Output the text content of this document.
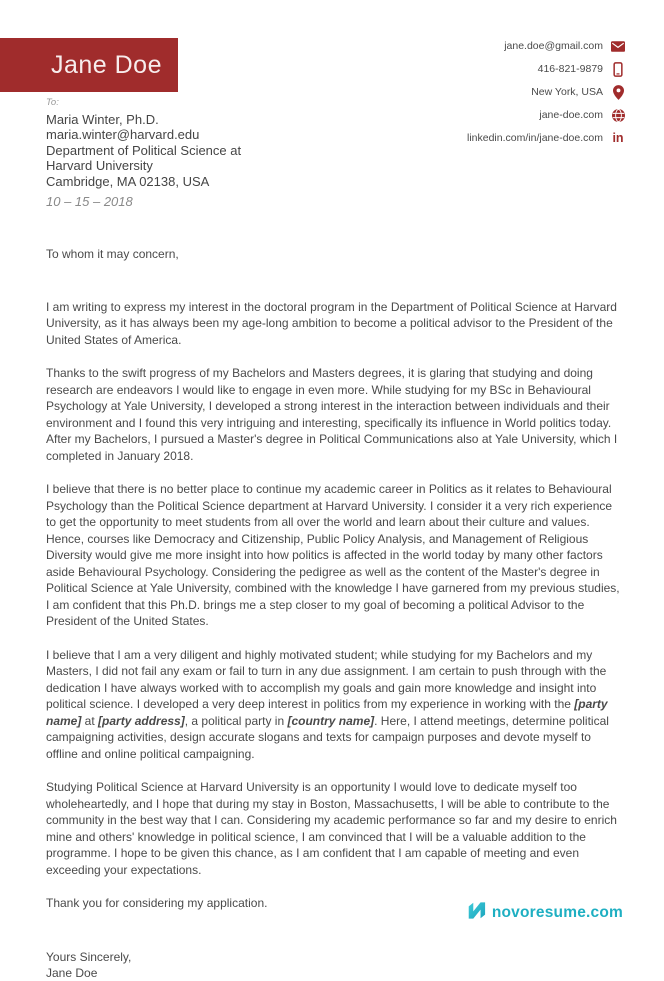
Jane Doe
jane.doe@gmail.com
416-821-9879
New York, USA
jane-doe.com
linkedin.com/in/jane-doe.com in
To:
Maria Winter, Ph.D.
maria.winter@harvard.edu
Department of Political Science at
Harvard University
Cambridge, MA 02138, USA
10 – 15 – 2018

To whom it may concern,

I am writing to express my interest in the doctoral program in the Department of Political Science at Harvard University, as it has always been my age-long ambition to become a political advisor to the President of the United States of America.

Thanks to the swift progress of my Bachelors and Masters degrees, it is glaring that studying and doing research are endeavors I would like to engage in even more. While studying for my BSc in Behavioural Psychology at Yale University, I developed a strong interest in the interaction between individuals and their environment and I found this very intriguing and interesting, specifically its influence in World politics today. After my Bachelors, I pursued a Master's degree in Political Communications also at Yale University, which I completed in January 2018.

I believe that there is no better place to continue my academic career in Politics as it relates to Behavioural Psychology than the Political Science department at Harvard University. I consider it a very rich experience to get the opportunity to meet students from all over the world and learn about their culture and values. Hence, courses like Democracy and Citizenship, Public Policy Analysis, and Management of Religious Diversity would give me more insight into how politics is affected in the world today by many other factors aside Behavioural Psychology. Considering the pedigree as well as the content of the Master's degree in Political Science at Yale University, combined with the knowledge I have garnered from my previous studies, I am confident that this Ph.D. brings me a step closer to my goal of becoming a political Advisor to the President of the United States.

I believe that I am a very diligent and highly motivated student; while studying for my Bachelors and my Masters, I did not fail any exam or fail to turn in any due assignment. I am certain to push through with the dedication I have always worked with to accomplish my goals and gain more knowledge and insight into political science. I developed a very deep interest in politics from my experience in working with the [party name] at [party address], a political party in [country name]. Here, I attend meetings, determine political campaigning activities, design accurate slogans and texts for campaign purposes and devote myself to offline and online political campaigning.

Studying Political Science at Harvard University is an opportunity I would love to dedicate myself too wholeheartedly, and I hope that during my stay in Boston, Massachusetts, I will be able to contribute to the community in the best way that I can. Considering my academic performance so far and my desire to enrich mine and others' knowledge in political science, I am convinced that I will be a valuable addition to the programme. I hope to be given this chance, as I am confident that I am capable of meeting and even exceeding your expectations.

Thank you for considering my application.

Yours Sincerely,
Jane Doe
novoresume.com
